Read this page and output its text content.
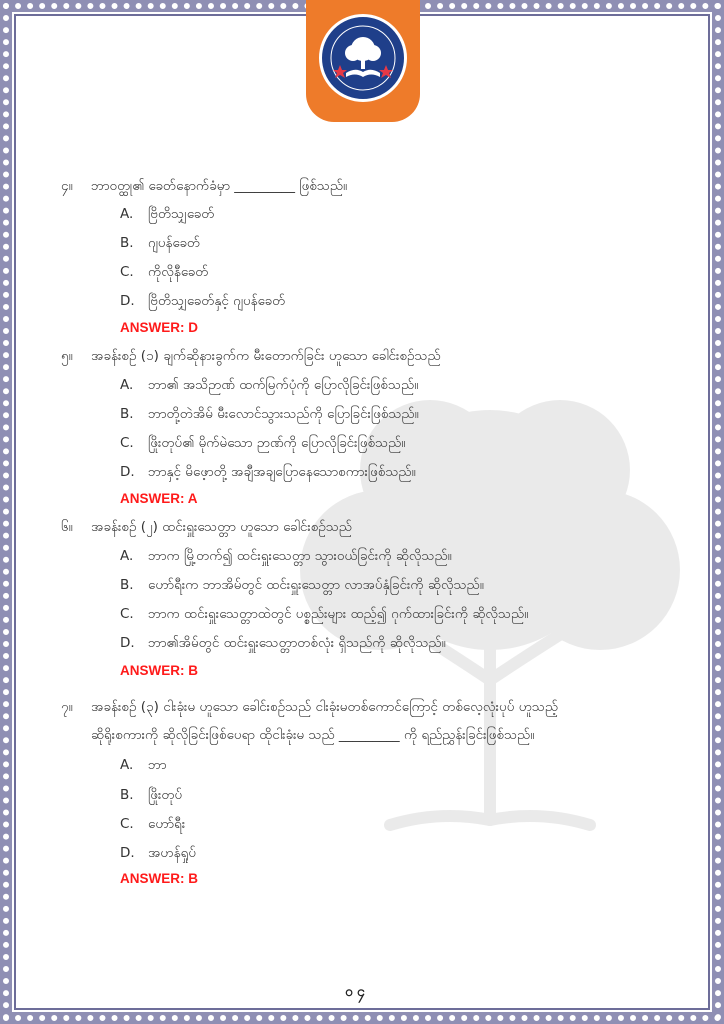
၄။ ဘာဝတ္ထု၏ ခေတ်နောက်ခံမှာ _________ ဖြစ်သည်။
A. ဗြိတိသျှခေတ်
B. ဂျပန်ခေတ်
C. ကိုလိုနီခေတ်
D. ဗြိတိသျှခေတ်နှင့် ဂျပန်ခေတ်
ANSWER: D
၅။ အခန်းစဉ် (၁) ချက်ဆိုနားခွက်က မီးတောက်ခြင်း ဟူသော ခေါင်းစဉ်သည်
A. ဘာ၏ အသိဉာဏ် ထက်မြက်ပုံကို ပြောလိုခြင်းဖြစ်သည်။
B. ဘာတို့တဲအိမ် မီးလောင်သွားသည်ကို ပြောခြင်းဖြစ်သည်။
C. ဖြိုးတုပ်၏ မိုက်မဲသော ဉာဏ်ကို ပြောလိုခြင်းဖြစ်သည်။
D. ဘာနှင့် မိဖေ့ာတို့ အချီအချပြောနေသောစကားဖြစ်သည်။
ANSWER: A
၆။ အခန်းစဉ် (၂) ထင်းရှူးသေတ္တာ ဟူသော ခေါင်းစဉ်သည်
A. ဘာက မြို့တက်၍ ထင်းရှူးသေတ္တာ သွားဝယ်ခြင်းကို ဆိုလိုသည်။
B. ဟော်ရီးက ဘာအိမ်တွင် ထင်းရှူးသေတ္တာ လာအပ်နှံခြင်းကို ဆိုလိုသည်။
C. ဘာက ထင်းရှူးသေတ္တာထဲတွင် ပစ္စည်းများ ထည့်၍ ဂုက်ထားခြင်းကို ဆိုလိုသည်။
D. ဘာ၏အိမ်တွင် ထင်းရှူးသေတ္တာတစ်လုံး ရှိသည်ကို ဆိုလိုသည်။
ANSWER: B
၇။ အခန်းစဉ် (၃) ငါးခုံးမ ဟူသော ခေါင်းစဉ်သည် ငါးခုံးမတစ်ကောင်ကြောင့် တစ်လေ့လုံးပုပ် ဟူသည့်
ဆိုရိုးစကားကို ဆိုလိုခြင်းဖြစ်ပေရာ ထိုငါးခုံးမ သည် _________ ကို ရည်ညွှန်းခြင်းဖြစ်သည်။
A. ဘာ
B. ဖြိုးတုပ်
C. ဟော်ရီး
D. အဟန်ရှုပ်
ANSWER: B
၀၄
